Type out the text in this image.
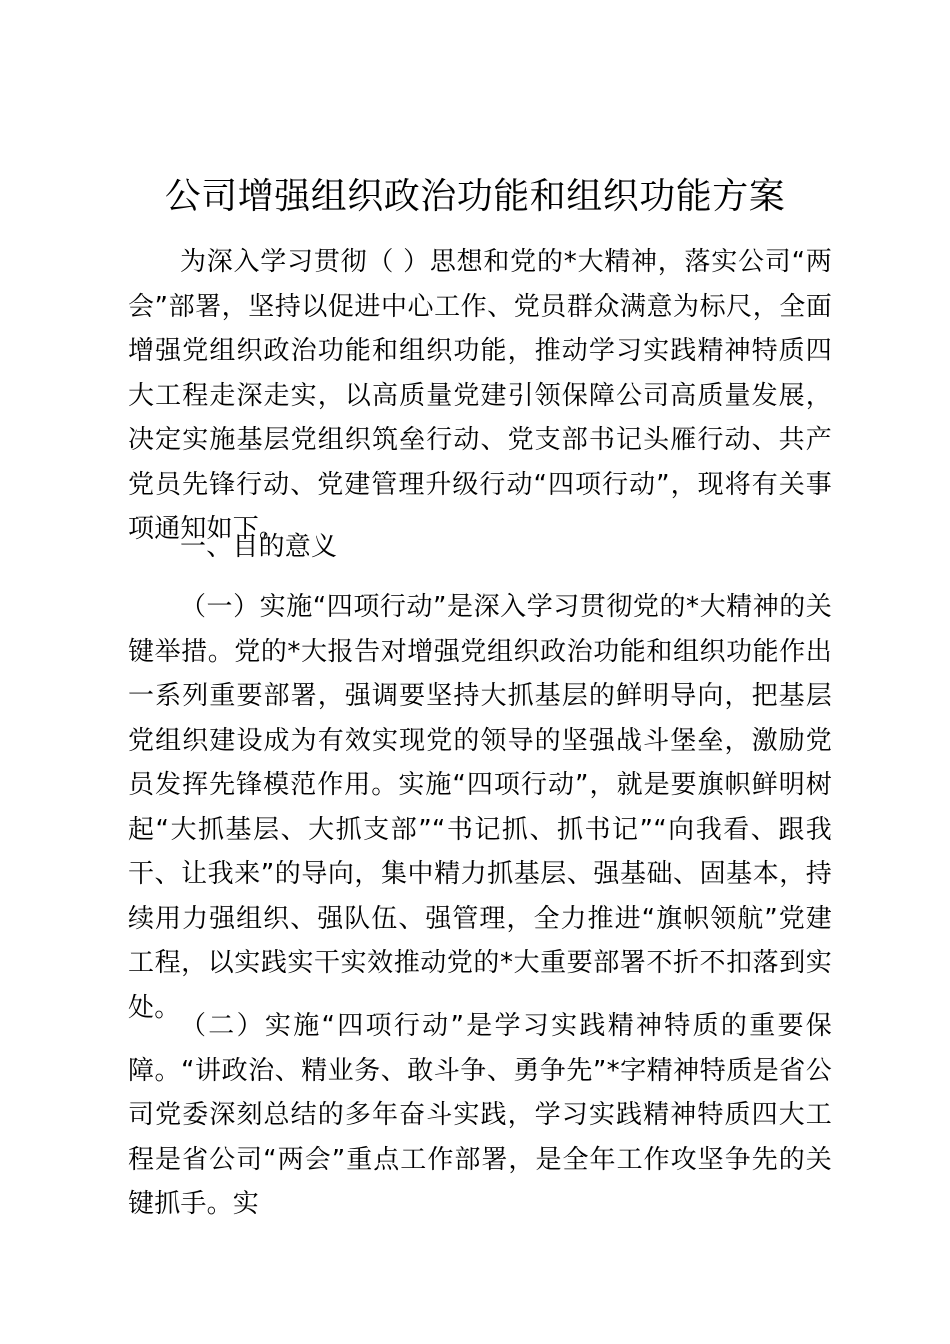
公司增强组织政治功能和组织功能方案

为深入学习贯彻（ ）思想和党的*大精神，落实公司“两会”部署，坚持以促进中心工作、党员群众满意为标尺，全面增强党组织政治功能和组织功能，推动学习实践精神特质四大工程走深走实，以高质量党建引领保障公司高质量发展，决定实施基层党组织筑垒行动、党支部书记头雁行动、共产党员先锋行动、党建管理升级行动“四项行动”，现将有关事项通知如下。

一、目的意义

（一）实施“四项行动”是深入学习贯彻党的*大精神的关键举措。党的*大报告对增强党组织政治功能和组织功能作出一系列重要部署，强调要坚持大抓基层的鲜明导向，把基层党组织建设成为有效实现党的领导的坚强战斗堡垒，激励党员发挥先锋模范作用。实施“四项行动”，就是要旗帜鲜明树起“大抓基层、大抓支部”“书记抓、抓书记”“向我看、跟我干、让我来”的导向，集中精力抓基层、强基础、固基本，持续用力强组织、强队伍、强管理，全力推进“旗帜领航”党建工程，以实践实干实效推动党的*大重要部署不折不扣落到实处。

（二）实施“四项行动”是学习实践精神特质的重要保障。“讲政治、精业务、敢斗争、勇争先”*字精神特质是省公司党委深刻总结的多年奋斗实践，学习实践精神特质四大工程是省公司“两会”重点工作部署，是全年工作攻坚争先的关键抓手。实
